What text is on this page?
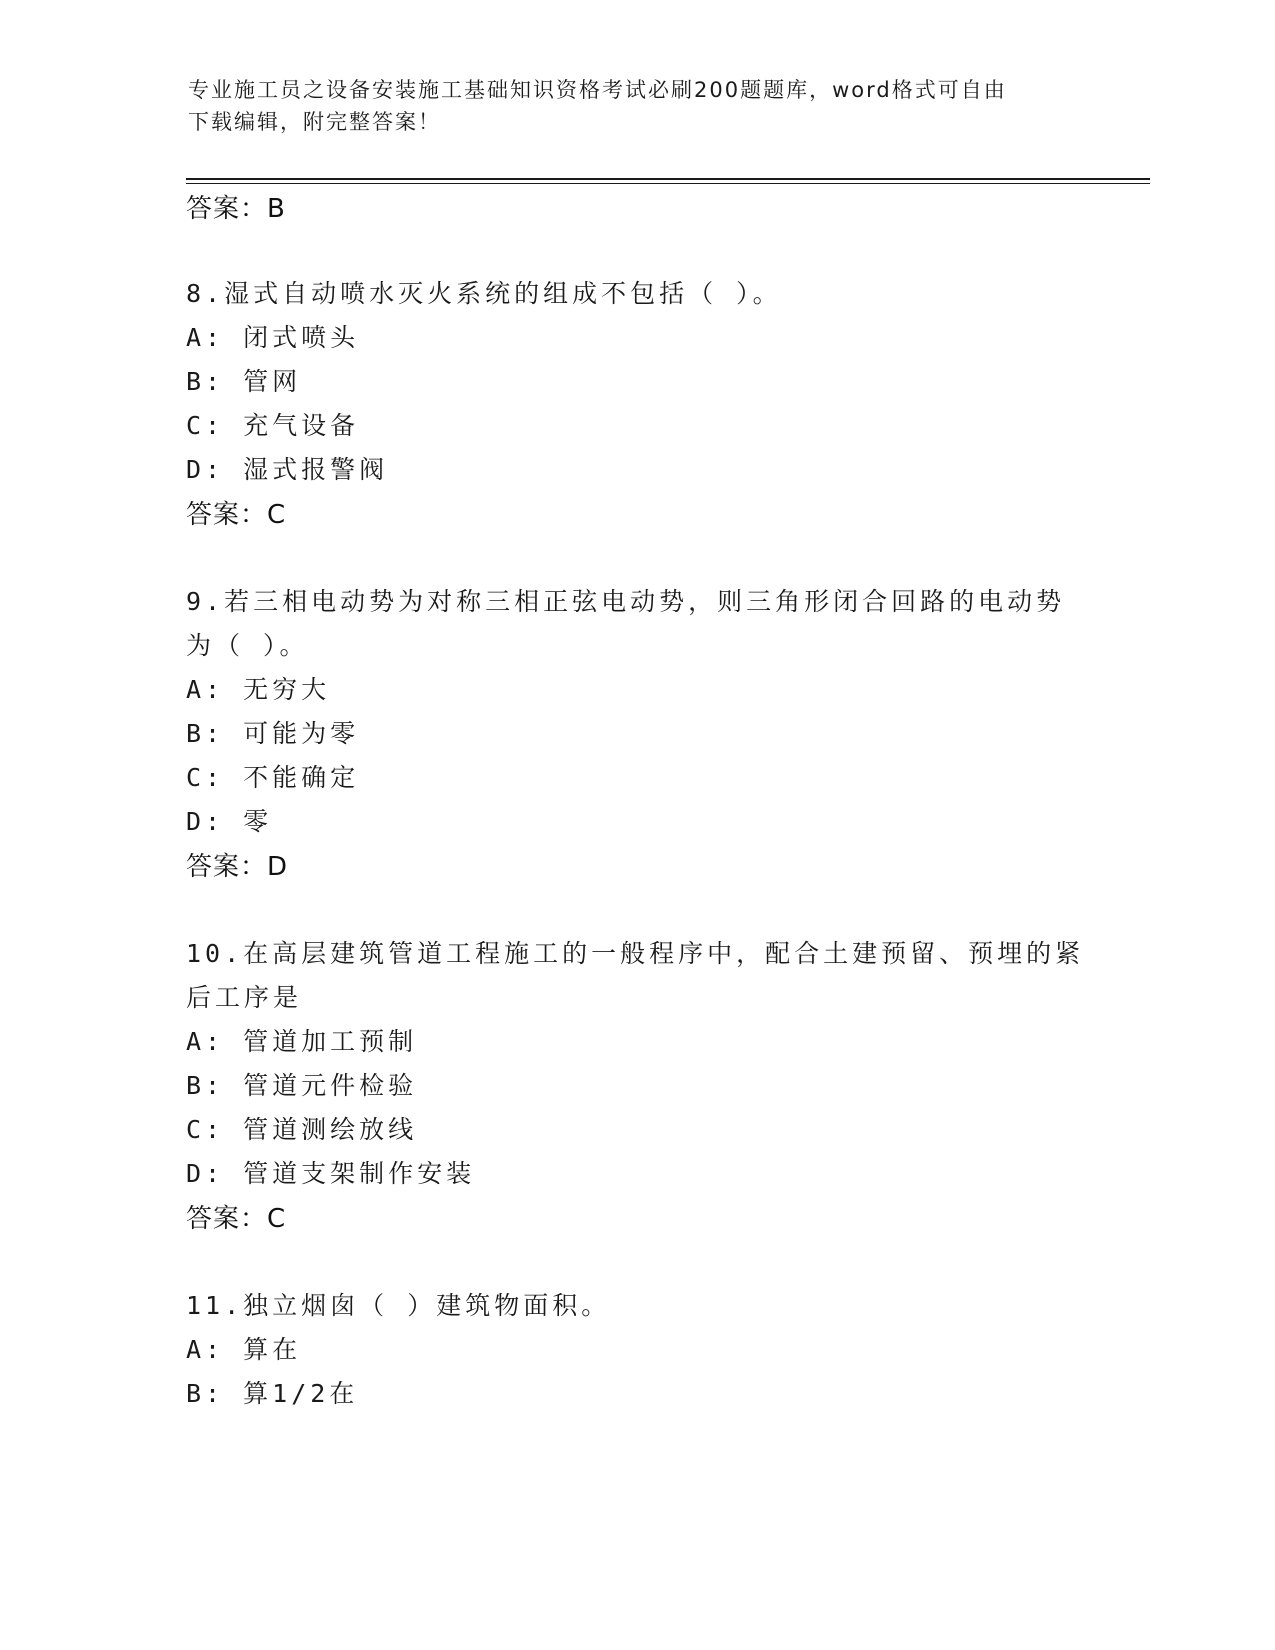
专业施工员之设备安装施工基础知识资格考试必刷200题题库，word格式可自由
下载编辑，附完整答案！
答案：B
8.湿式自动喷水灭火系统的组成不包括（ ）。
A: 闭式喷头
B: 管网
C: 充气设备
D: 湿式报警阀
答案：C
9.若三相电动势为对称三相正弦电动势，则三角形闭合回路的电动势
为（ ）。
A: 无穷大
B: 可能为零
C: 不能确定
D: 零
答案：D
10.在高层建筑管道工程施工的一般程序中，配合土建预留、预埋的紧
后工序是
A: 管道加工预制
B: 管道元件检验
C: 管道测绘放线
D: 管道支架制作安装
答案：C
11.独立烟囱（ ）建筑物面积。
A: 算在
B: 算1/2在
